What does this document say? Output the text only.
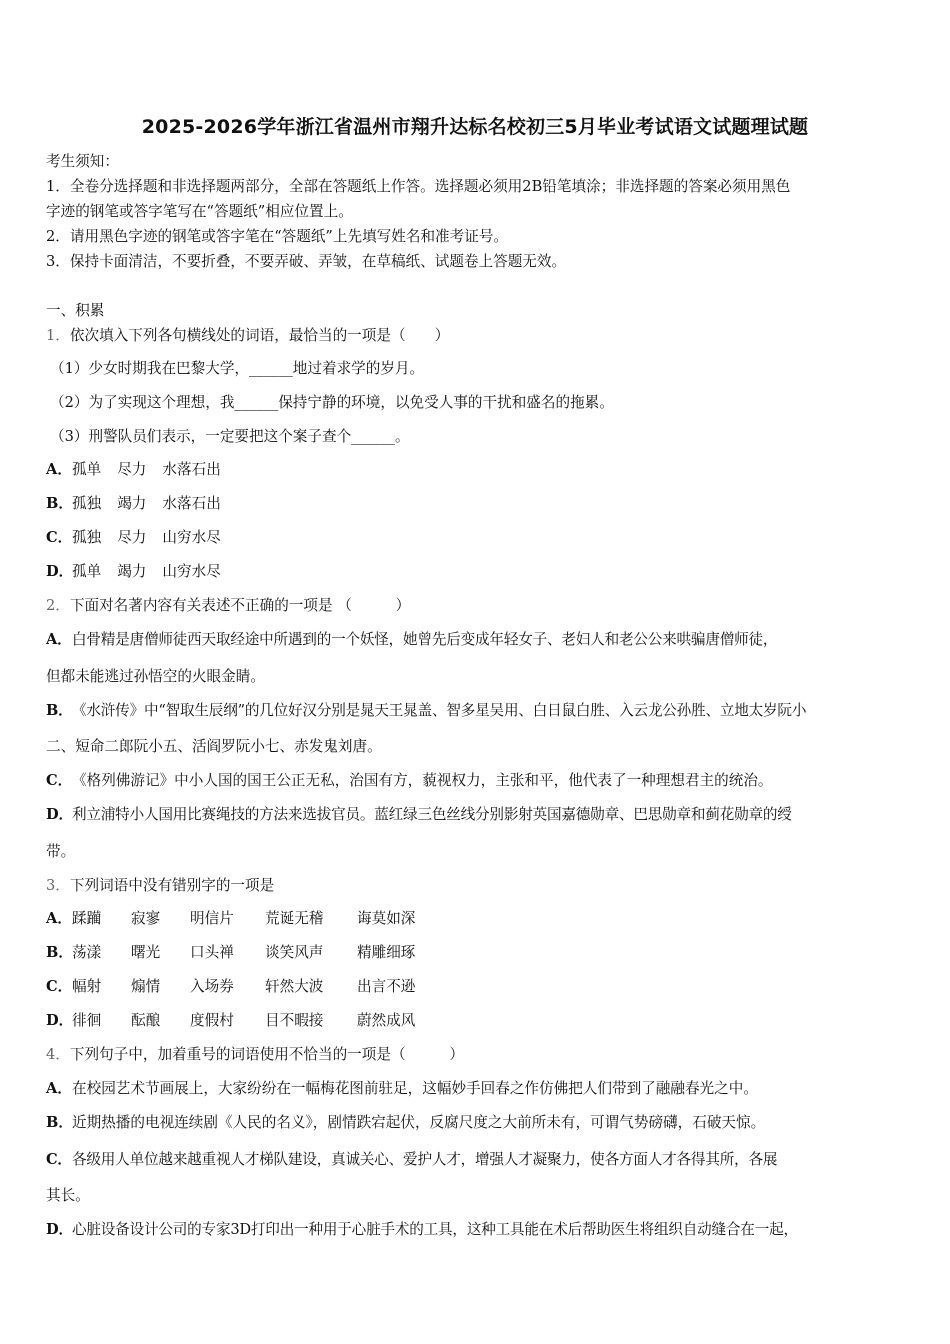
2025-2026学年浙江省温州市翔升达标名校初三5月毕业考试语文试题理试题
考生须知：
1．全卷分选择题和非选择题两部分，全部在答题纸上作答。选择题必须用2B铅笔填涂；非选择题的答案必须用黑色
字迹的钢笔或答字笔写在“答题纸”相应位置上。
2．请用黑色字迹的钢笔或答字笔在“答题纸”上先填写姓名和准考证号。
3．保持卡面清洁，不要折叠，不要弄破、弄皱，在草稿纸、试题卷上答题无效。
一、积累
1．依次填入下列各句横线处的词语，最恰当的一项是（　　）
（1）少女时期我在巴黎大学，______地过着求学的岁月。
（2）为了实现这个理想，我______保持宁静的环境，以免受人事的干扰和盛名的拖累。
（3）刑警队员们表示，一定要把这个案子查个______。
A．孤单 尽力 水落石出
B．孤独 竭力 水落石出
C．孤独 尽力 山穷水尽
D．孤单 竭力 山穷水尽
2．下面对名著内容有关表述不正确的一项是 （　　　）
A．白骨精是唐僧师徒西天取经途中所遇到的一个妖怪，她曾先后变成年轻女子、老妇人和老公公来哄骗唐僧师徒，
但都未能逃过孙悟空的火眼金睛。
B．《水浒传》中“智取生辰纲”的几位好汉分别是晁天王晁盖、智多星吴用、白日鼠白胜、入云龙公孙胜、立地太岁阮小
二、短命二郎阮小五、活阎罗阮小七、赤发鬼刘唐。
C．《格列佛游记》中小人国的国王公正无私，治国有方，藐视权力，主张和平，他代表了一种理想君主的统治。
D．利立浦特小人国用比赛绳技的方法来选拔官员。蓝红绿三色丝线分别影射英国嘉德勋章、巴思勋章和蓟花勋章的绶
带。
3．下列词语中没有错别字的一项是
A．蹂躏 寂寥 明信片 荒诞无稽 诲莫如深
B．荡漾 曙光 口头禅 谈笑风声 精雕细琢
C．幅射 煽情 入场券 轩然大波 出言不逊
D．徘徊 酝酿 度假村 目不暇接 蔚然成风
4．下列句子中，加着重号的词语使用不恰当的一项是（　　　）
A．在校园艺术节画展上，大家纷纷在一幅梅花图前驻足，这幅妙手回春之作仿佛把人们带到了融融春光之中。
B．近期热播的电视连续剧《人民的名义》，剧情跌宕起伏，反腐尺度之大前所未有，可谓气势磅礴，石破天惊。
C．各级用人单位越来越重视人才梯队建设，真诚关心、爱护人才，增强人才凝聚力，使各方面人才各得其所，各展
其长。
D．心脏设备设计公司的专家3D打印出一种用于心脏手术的工具，这种工具能在术后帮助医生将组织自动缝合在一起，
